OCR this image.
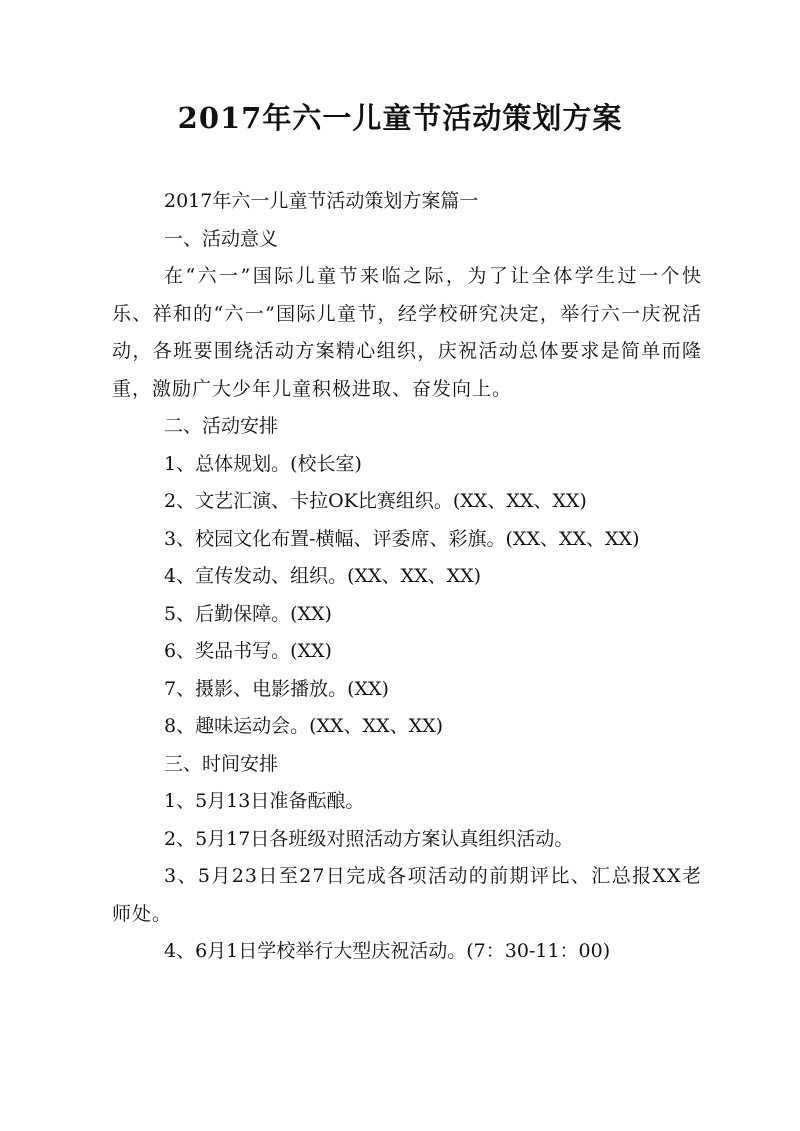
2017年六一儿童节活动策划方案
2017年六一儿童节活动策划方案篇一
一、活动意义

在“六一”国际儿童节来临之际，为了让全体学生过一个快乐、祥和的“六一”国际儿童节，经学校研究决定，举行六一庆祝活动，各班要围绕活动方案精心组织，庆祝活动总体要求是简单而隆重，激励广大少年儿童积极进取、奋发向上。

二、活动安排
1、总体规划。(校长室)
2、文艺汇演、卡拉OK比赛组织。(XX、XX、XX)
3、校园文化布置-横幅、评委席、彩旗。(XX、XX、XX)
4、宣传发动、组织。(XX、XX、XX)
5、后勤保障。(XX)
6、奖品书写。(XX)
7、摄影、电影播放。(XX)
8、趣味运动会。(XX、XX、XX)
三、时间安排
1、5月13日准备酝酿。
2、5月17日各班级对照活动方案认真组织活动。

3、5月23日至27日完成各项活动的前期评比、汇总报XX老师处。

4、6月1日学校举行大型庆祝活动。(7：30-11：00)
